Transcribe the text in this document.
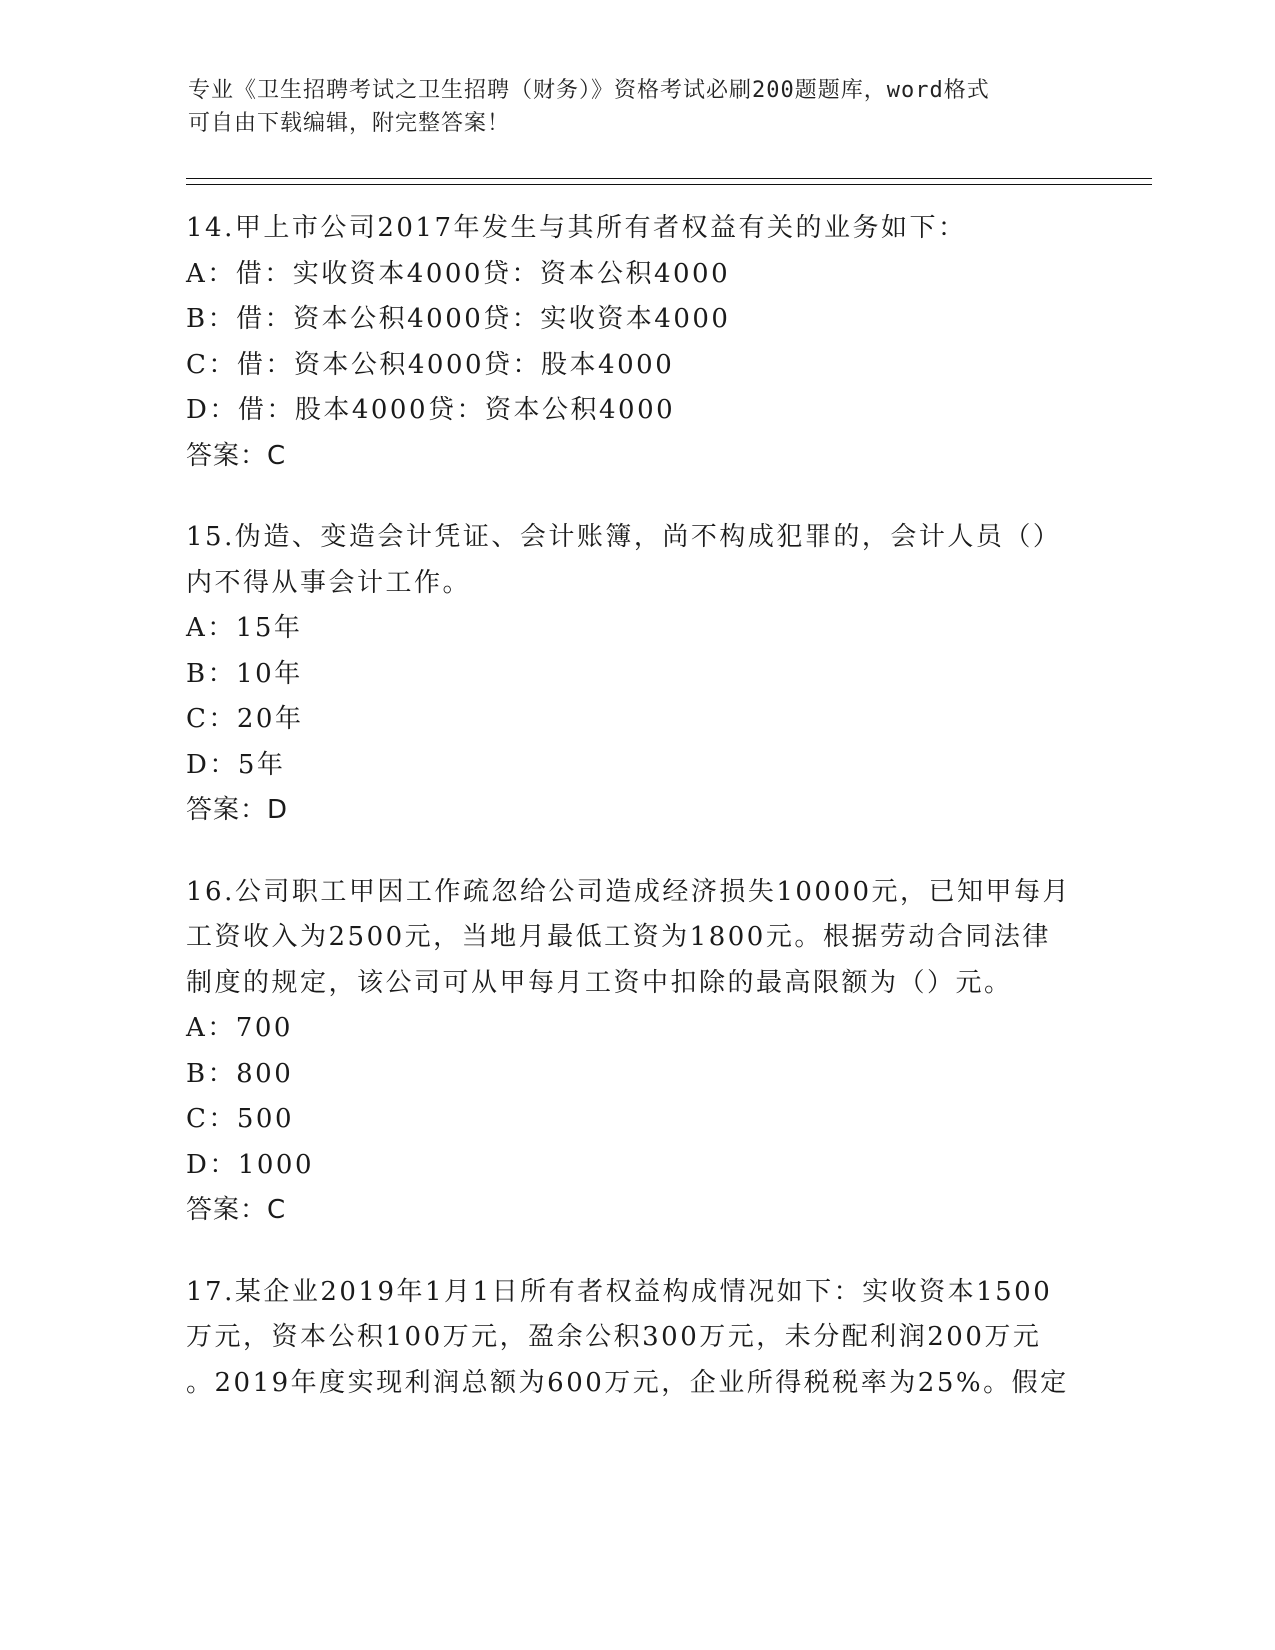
专业《卫生招聘考试之卫生招聘（财务）》资格考试必刷200题题库，word格式
可自由下载编辑，附完整答案！
14.甲上市公司2017年发生与其所有者权益有关的业务如下：
A：借：实收资本4000贷：资本公积4000
B：借：资本公积4000贷：实收资本4000
C：借：资本公积4000贷：股本4000
D：借：股本4000贷：资本公积4000
答案：C
15.伪造、变造会计凭证、会计账簿，尚不构成犯罪的，会计人员（）
内不得从事会计工作。
A：15年
B：10年
C：20年
D：5年
答案：D
16.公司职工甲因工作疏忽给公司造成经济损失10000元，已知甲每月
工资收入为2500元，当地月最低工资为1800元。根据劳动合同法律
制度的规定，该公司可从甲每月工资中扣除的最高限额为（）元。
A：700
B：800
C：500
D：1000
答案：C
17.某企业2019年1月1日所有者权益构成情况如下：实收资本1500
万元，资本公积100万元，盈余公积300万元，未分配利润200万元
。2019年度实现利润总额为600万元，企业所得税税率为25%。假定
